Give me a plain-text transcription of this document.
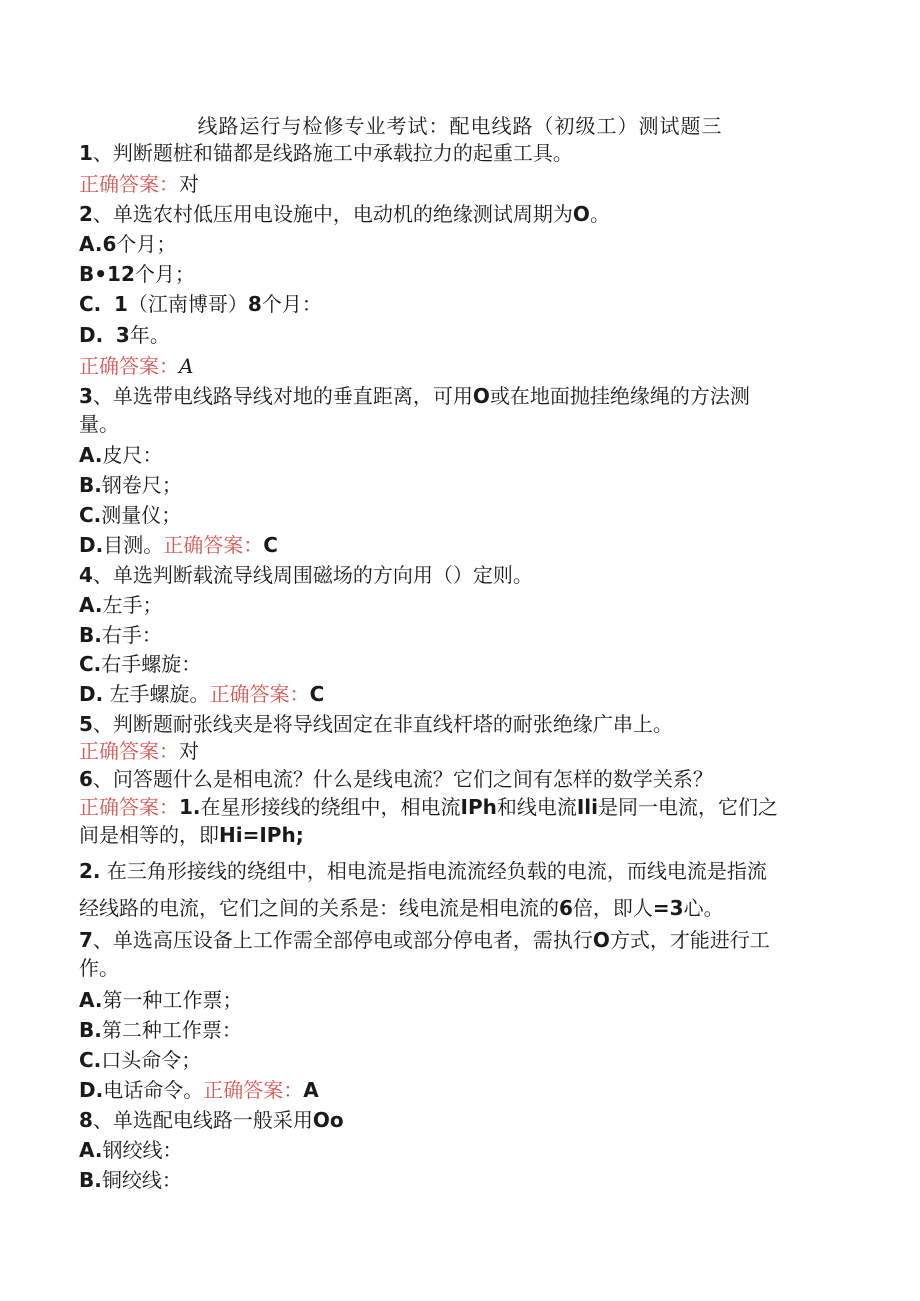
线路运行与检修专业考试：配电线路（初级工）测试题三
1、判断题桩和锚都是线路施工中承载拉力的起重工具。
正确答案：对
2、单选农村低压用电设施中，电动机的绝缘测试周期为O。
A.6个月；
B•12个月；
C. 1（江南博哥）8个月：
D. 3年。
正确答案：A
3、单选带电线路导线对地的垂直距离，可用O或在地面抛挂绝缘绳的方法测
量。
A.皮尺：
B.钢卷尺；
C.测量仪；
D.目测。正确答案：C
4、单选判断载流导线周围磁场的方向用（）定则。
A.左手；
B.右手：
C.右手螺旋：
D. 左手螺旋。正确答案：C
5、判断题耐张线夹是将导线固定在非直线杆塔的耐张绝缘广串上。
正确答案：对
6、问答题什么是相电流？什么是线电流？它们之间有怎样的数学关系？
正确答案：1.在星形接线的绕组中，相电流IPh和线电流Ili是同一电流，它们之
间是相等的，即Hi=IPh;
2. 在三角形接线的绕组中，相电流是指电流流经负载的电流，而线电流是指流
经线路的电流，它们之间的关系是：线电流是相电流的6倍，即人=3心。
7、单选高压设备上工作需全部停电或部分停电者，需执行O方式，才能进行工
作。
A.第一种工作票；
B.第二种工作票：
C.口头命令；
D.电话命令。正确答案：A
8、单选配电线路一般采用Oo
A.钢绞线：
B.铜绞线：
